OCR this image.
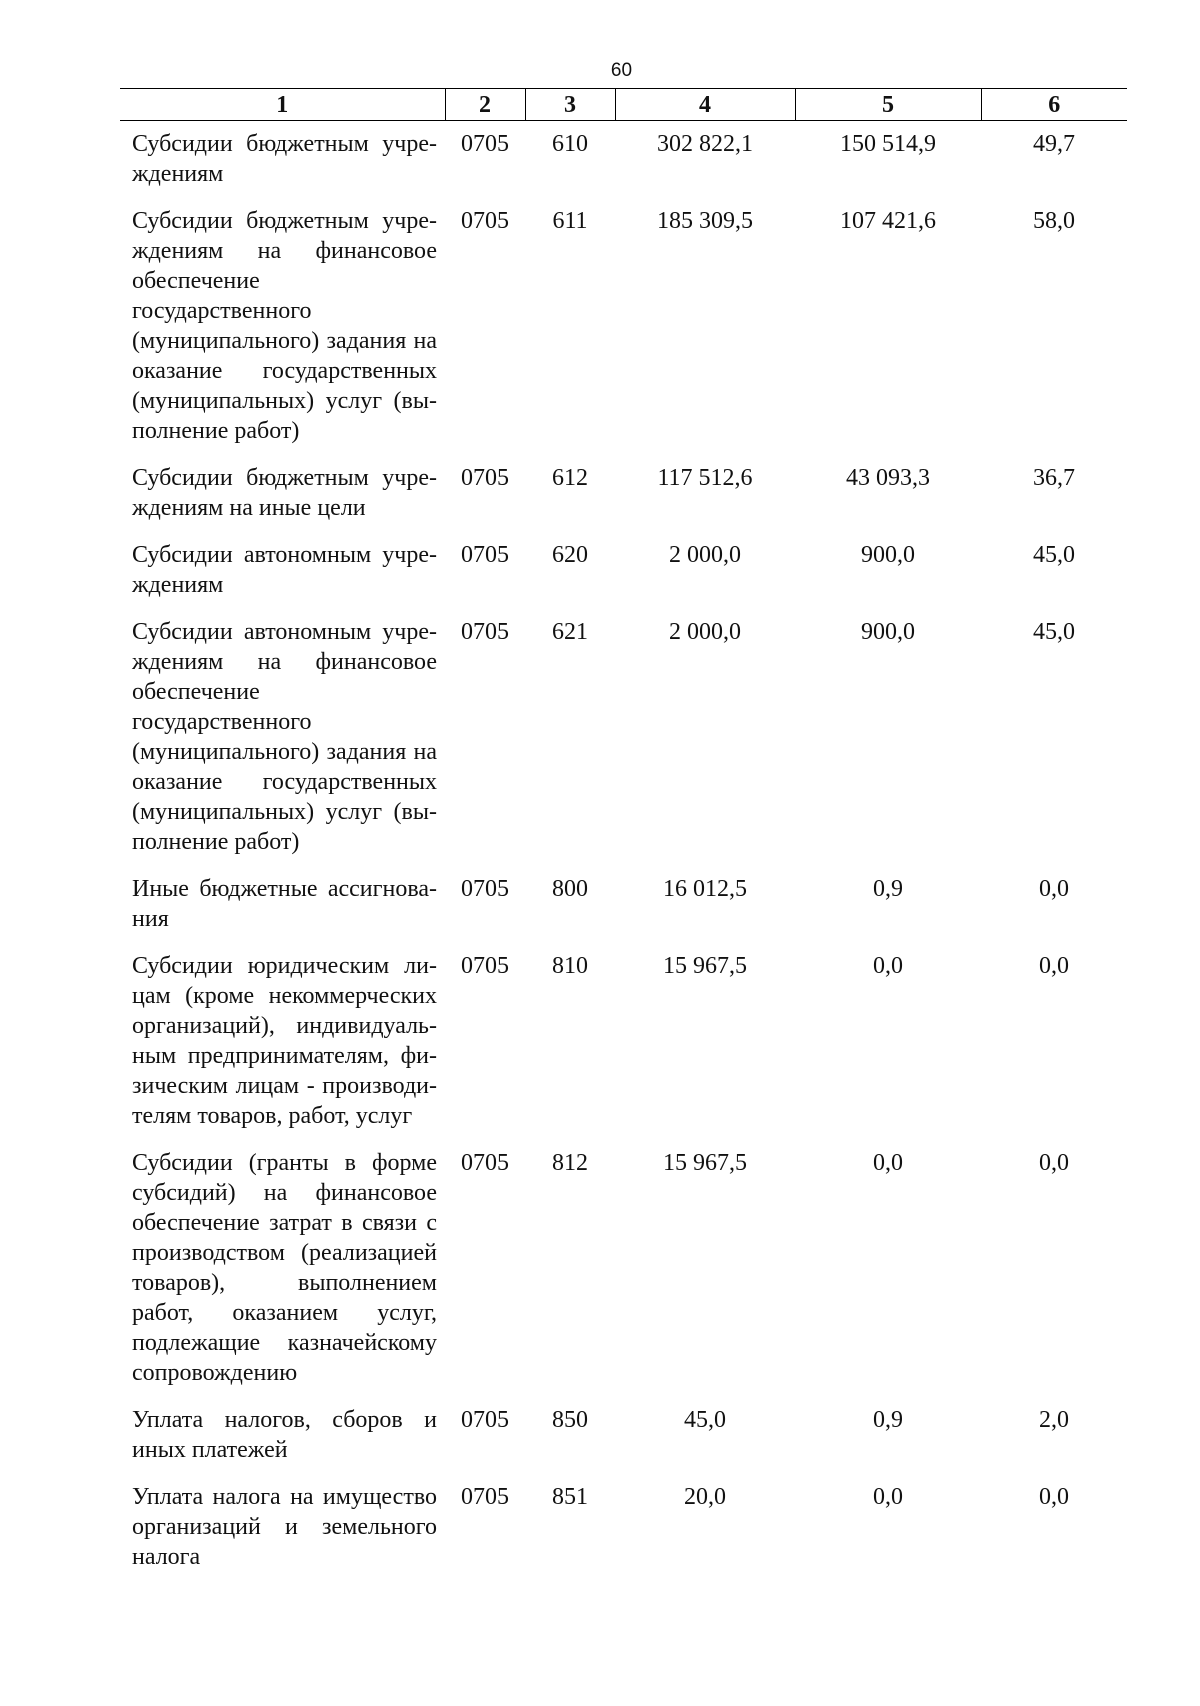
60
1	2	3	4	5	6
Субсидии бюджетным учреждениям	0705	610	302 822,1	150 514,9	49,7
Субсидии бюджетным учреждениям на финансовое обеспечение государственного (муниципального) задания на оказание государственных (муниципальных) услуг (выполнение работ)	0705	611	185 309,5	107 421,6	58,0
Субсидии бюджетным учреждениям на иные цели	0705	612	117 512,6	43 093,3	36,7
Субсидии автономным учреждениям	0705	620	2 000,0	900,0	45,0
Субсидии автономным учреждениям на финансовое обеспечение государственного (муниципального) задания на оказание государственных (муниципальных) услуг (выполнение работ)	0705	621	2 000,0	900,0	45,0
Иные бюджетные ассигнования	0705	800	16 012,5	0,9	0,0
Субсидии юридическим лицам (кроме некоммерческих организаций), индивидуальным предпринимателям, физическим лицам - производителям товаров, работ, услуг	0705	810	15 967,5	0,0	0,0
Субсидии (гранты в форме субсидий) на финансовое обеспечение затрат в связи с производством (реализацией товаров), выполнением работ, оказанием услуг, подлежащие казначейскому сопровождению	0705	812	15 967,5	0,0	0,0
Уплата налогов, сборов и иных платежей	0705	850	45,0	0,9	2,0
Уплата налога на имущество организаций и земельного налога	0705	851	20,0	0,0	0,0
